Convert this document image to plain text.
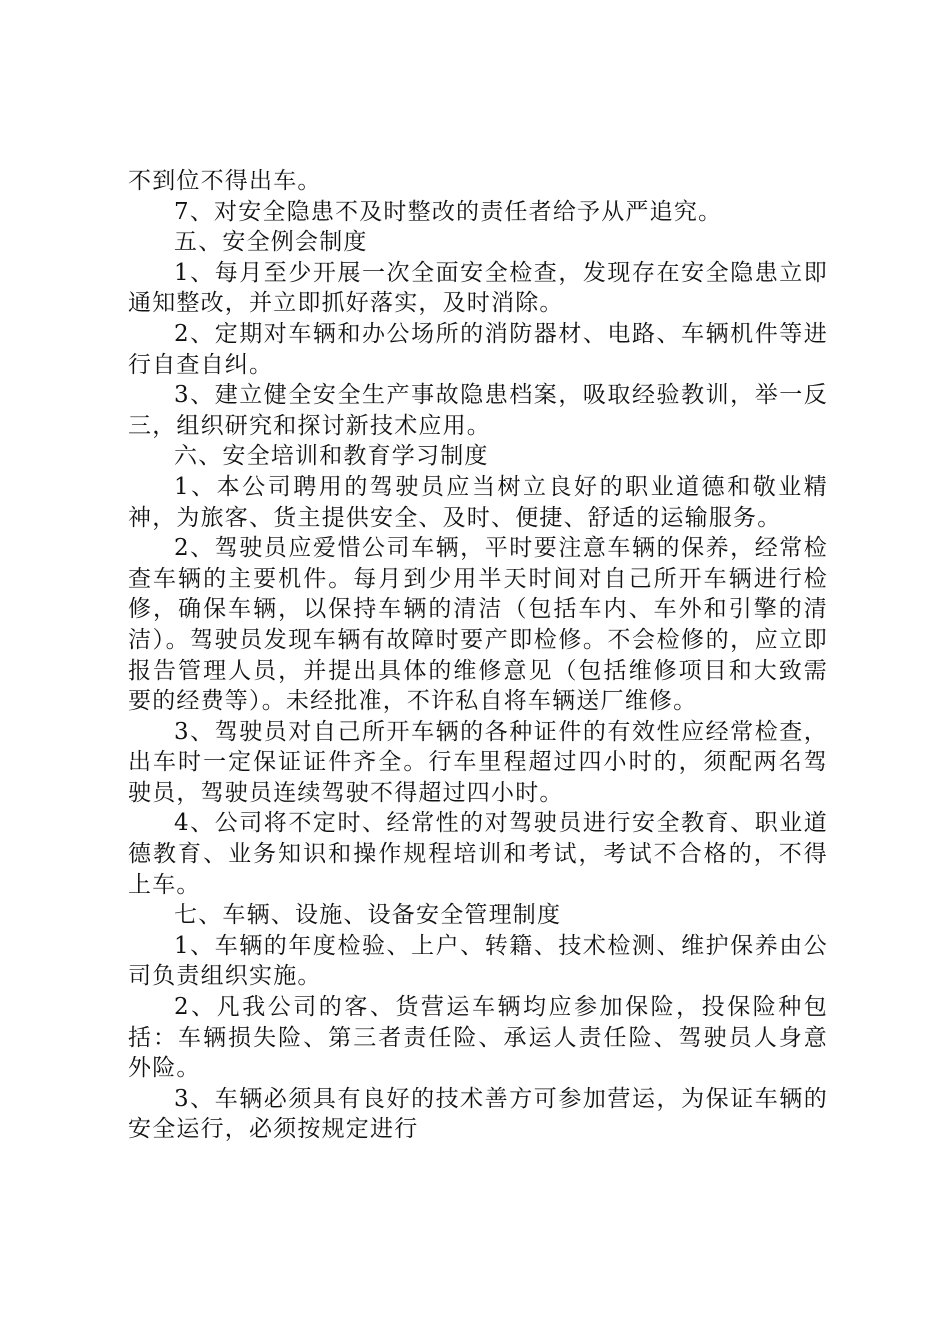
不到位不得出车。

7、对安全隐患不及时整改的责任者给予从严追究。

五、安全例会制度

1、每月至少开展一次全面安全检查，发现存在安全隐患立即通知整改，并立即抓好落实，及时消除。

2、定期对车辆和办公场所的消防器材、电路、车辆机件等进行自查自纠。

3、建立健全安全生产事故隐患档案，吸取经验教训，举一反三，组织研究和探讨新技术应用。

六、安全培训和教育学习制度

1、本公司聘用的驾驶员应当树立良好的职业道德和敬业精神，为旅客、货主提供安全、及时、便捷、舒适的运输服务。

2、驾驶员应爱惜公司车辆，平时要注意车辆的保养，经常检查车辆的主要机件。每月到少用半天时间对自己所开车辆进行检修，确保车辆，以保持车辆的清洁（包括车内、车外和引擎的清洁）。驾驶员发现车辆有故障时要产即检修。不会检修的，应立即报告管理人员，并提出具体的维修意见（包括维修项目和大致需要的经费等）。未经批准，不许私自将车辆送厂维修。

3、驾驶员对自己所开车辆的各种证件的有效性应经常检查，出车时一定保证证件齐全。行车里程超过四小时的，须配两名驾驶员，驾驶员连续驾驶不得超过四小时。

4、公司将不定时、经常性的对驾驶员进行安全教育、职业道德教育、业务知识和操作规程培训和考试，考试不合格的，不得上车。

七、车辆、设施、设备安全管理制度

1、车辆的年度检验、上户、转籍、技术检测、维护保养由公司负责组织实施。

2、凡我公司的客、货营运车辆均应参加保险，投保险种包括：车辆损失险、第三者责任险、承运人责任险、驾驶员人身意外险。

3、车辆必须具有良好的技术善方可参加营运，为保证车辆的安全运行，必须按规定进行
